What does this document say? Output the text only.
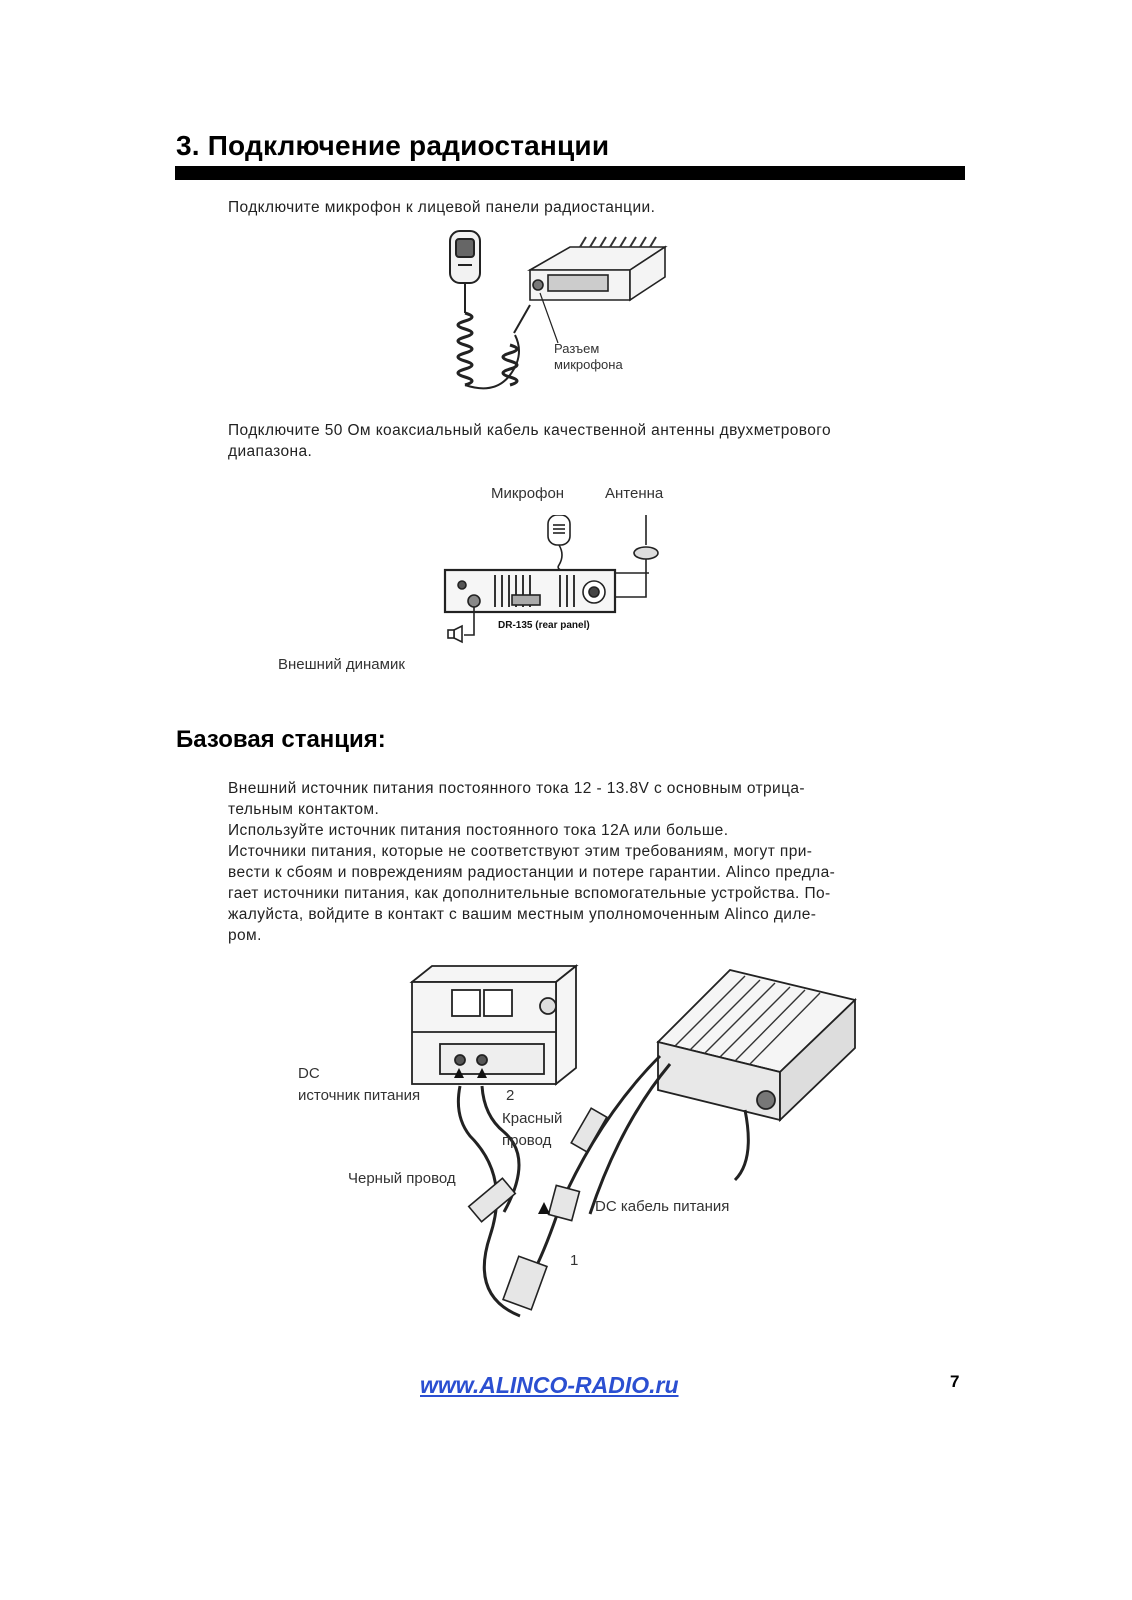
3. Подключение радиостанции
Подключите микрофон к лицевой панели радиостанции.
Разъем
микрофона
Подключите 50 Ом коаксиальный кабель качественной антенны двухметрового
диапазона.
Микрофон	Антенна
DR-135 (rear panel)
Внешний динамик
Базовая станция:
Внешний источник питания постоянного тока 12 - 13.8V с основным отрица-
тельным контактом.
Используйте источник питания постоянного тока 12A или больше.
Источники питания, которые не соответствуют этим требованиям, могут при-
вести к сбоям и повреждениям радиостанции и потере гарантии. Alinco предла-
гает источники питания, как дополнительные вспомогательные устройства. По-
жалуйста, войдите в контакт с вашим местным уполномоченным Alinco диле-
ром.
DC
источник питания	2
Красный
провод
Черный провод
DC кабель питания
1
www.ALINCO-RADIO.ru	7
